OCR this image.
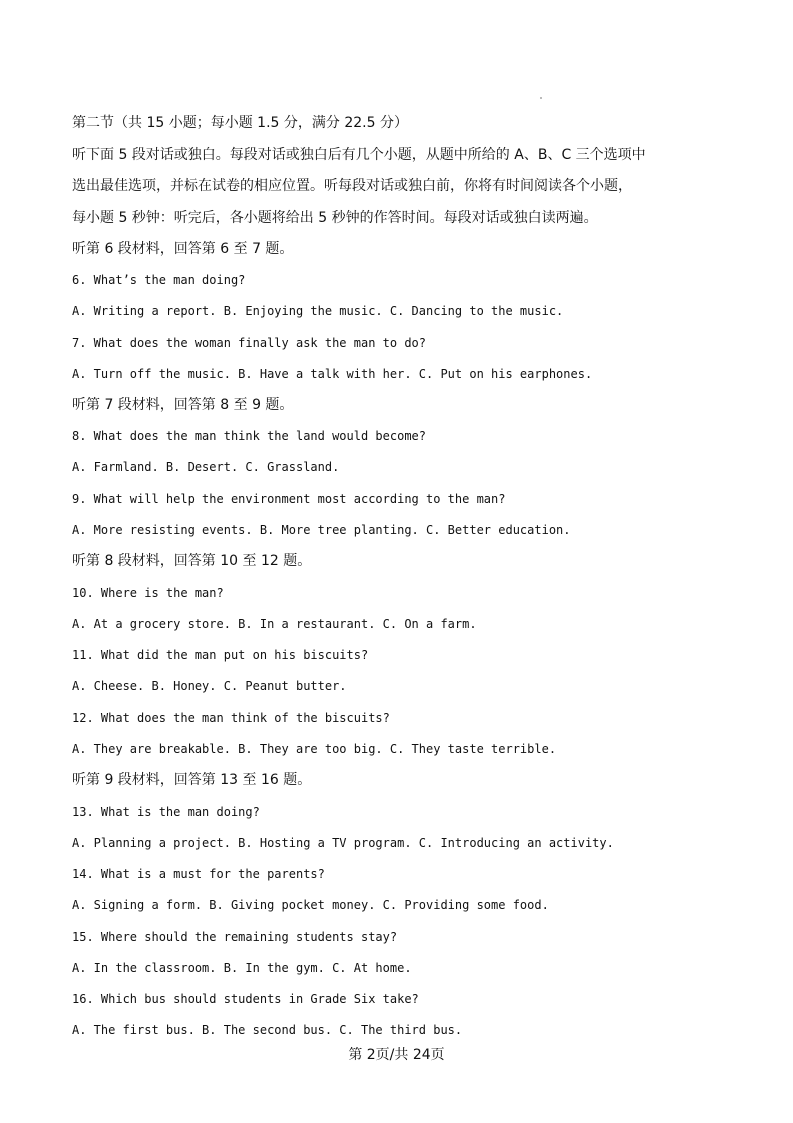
第二节（共 15 小题；每小题 1.5 分，满分 22.5 分）
听下面 5 段对话或独白。每段对话或独白后有几个小题，从题中所给的 A、B、C 三个选项中
选出最佳选项，并标在试卷的相应位置。听每段对话或独白前，你将有时间阅读各个小题，
每小题 5 秒钟：听完后，各小题将给出 5 秒钟的作答时间。每段对话或独白读两遍。
听第 6 段材料，回答第 6 至 7 题。
6. What’s the man doing?
A. Writing a report. B. Enjoying the music. C. Dancing to the music.
7. What does the woman finally ask the man to do?
A. Turn off the music. B. Have a talk with her. C. Put on his earphones.
听第 7 段材料，回答第 8 至 9 题。
8. What does the man think the land would become?
A. Farmland. B. Desert. C. Grassland.
9. What will help the environment most according to the man?
A. More resisting events. B. More tree planting. C. Better education.
听第 8 段材料，回答第 10 至 12 题。
10. Where is the man?
A. At a grocery store. B. In a restaurant. C. On a farm.
11. What did the man put on his biscuits?
A. Cheese. B. Honey. C. Peanut butter.
12. What does the man think of the biscuits?
A. They are breakable. B. They are too big. C. They taste terrible.
听第 9 段材料，回答第 13 至 16 题。
13. What is the man doing?
A. Planning a project. B. Hosting a TV program. C. Introducing an activity.
14. What is a must for the parents?
A. Signing a form. B. Giving pocket money. C. Providing some food.
15. Where should the remaining students stay?
A. In the classroom. B. In the gym. C. At home.
16. Which bus should students in Grade Six take?
A. The first bus. B. The second bus. C. The third bus.
第 2页/共 24页
